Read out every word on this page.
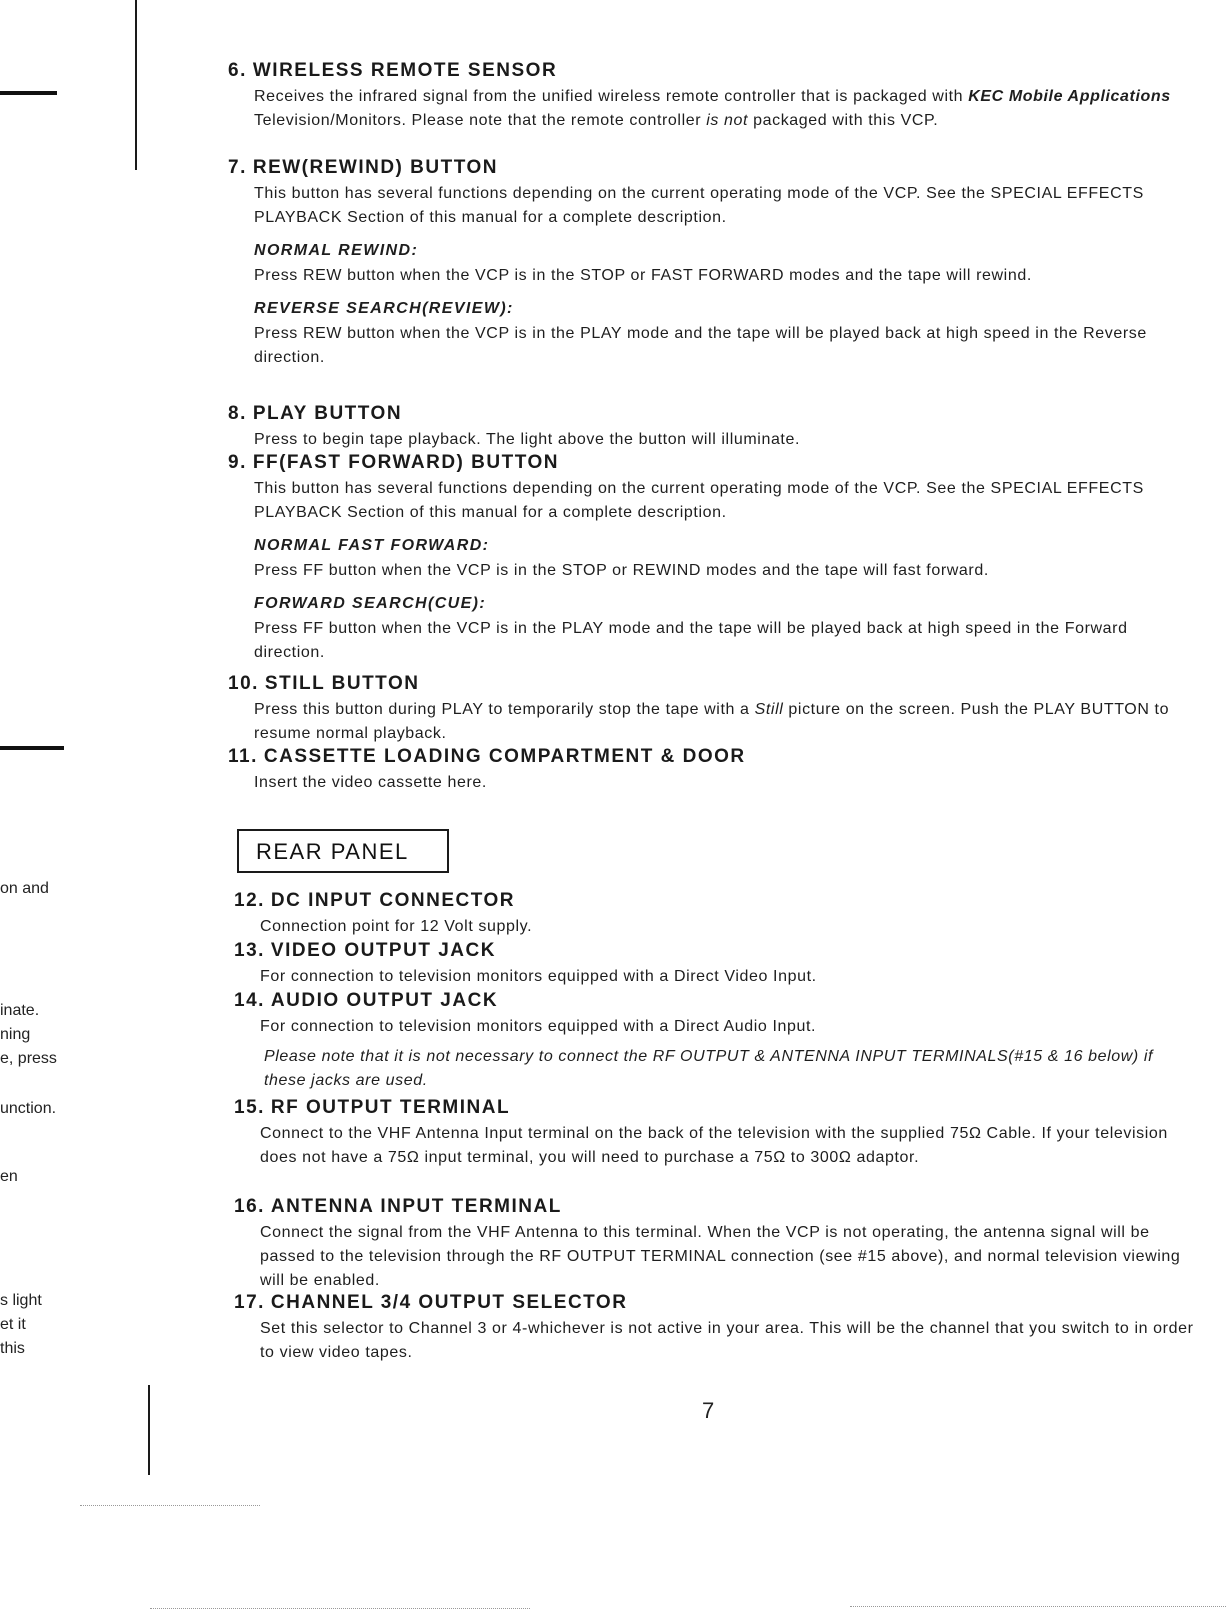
on and
inate.
ning
e, press
unction.
en
s light
et it
this
6. WIRELESS REMOTE SENSOR
Receives the infrared signal from the unified wireless remote controller that is packaged with KEC Mobile Applications Television/Monitors. Please note that the remote controller is not packaged with this VCP.
7. REW(REWIND) BUTTON
This button has several functions depending on the current operating mode of the VCP. See the SPECIAL EFFECTS PLAYBACK Section of this manual for a complete description.
NORMAL REWIND:
Press REW button when the VCP is in the STOP or FAST FORWARD modes and the tape will rewind.
REVERSE SEARCH(REVIEW):
Press REW button when the VCP is in the PLAY mode and the tape will be played back at high speed in the Reverse direction.
8. PLAY BUTTON
Press to begin tape playback. The light above the button will illuminate.
9. FF(FAST FORWARD) BUTTON
This button has several functions depending on the current operating mode of the VCP. See the SPECIAL EFFECTS PLAYBACK Section of this manual for a complete description.
NORMAL FAST FORWARD:
Press FF button when the VCP is in the STOP or REWIND modes and the tape will fast forward.
FORWARD SEARCH(CUE):
Press FF button when the VCP is in the PLAY mode and the tape will be played back at high speed in the Forward direction.
10. STILL BUTTON
Press this button during PLAY to temporarily stop the tape with a Still picture on the screen. Push the PLAY BUTTON to resume normal playback.
11. CASSETTE LOADING COMPARTMENT & DOOR
Insert the video cassette here.
REAR PANEL
12. DC INPUT CONNECTOR
Connection point for 12 Volt supply.
13. VIDEO OUTPUT JACK
For connection to television monitors equipped with a Direct Video Input.
14. AUDIO OUTPUT JACK
For connection to television monitors equipped with a Direct Audio Input.
Please note that it is not necessary to connect the RF OUTPUT & ANTENNA INPUT TERMINALS(#15 & 16 below) if these jacks are used.
15. RF OUTPUT TERMINAL
Connect to the VHF Antenna Input terminal on the back of the television with the supplied 75Ω Cable. If your television does not have a 75Ω input terminal, you will need to purchase a 75Ω to 300Ω adaptor.
16. ANTENNA INPUT TERMINAL
Connect the signal from the VHF Antenna to this terminal. When the VCP is not operating, the antenna signal will be passed to the television through the RF OUTPUT TERMINAL connection (see #15 above), and normal television viewing will be enabled.
17. CHANNEL 3/4 OUTPUT SELECTOR
Set this selector to Channel 3 or 4-whichever is not active in your area. This will be the channel that you switch to in order to view video tapes.
7
